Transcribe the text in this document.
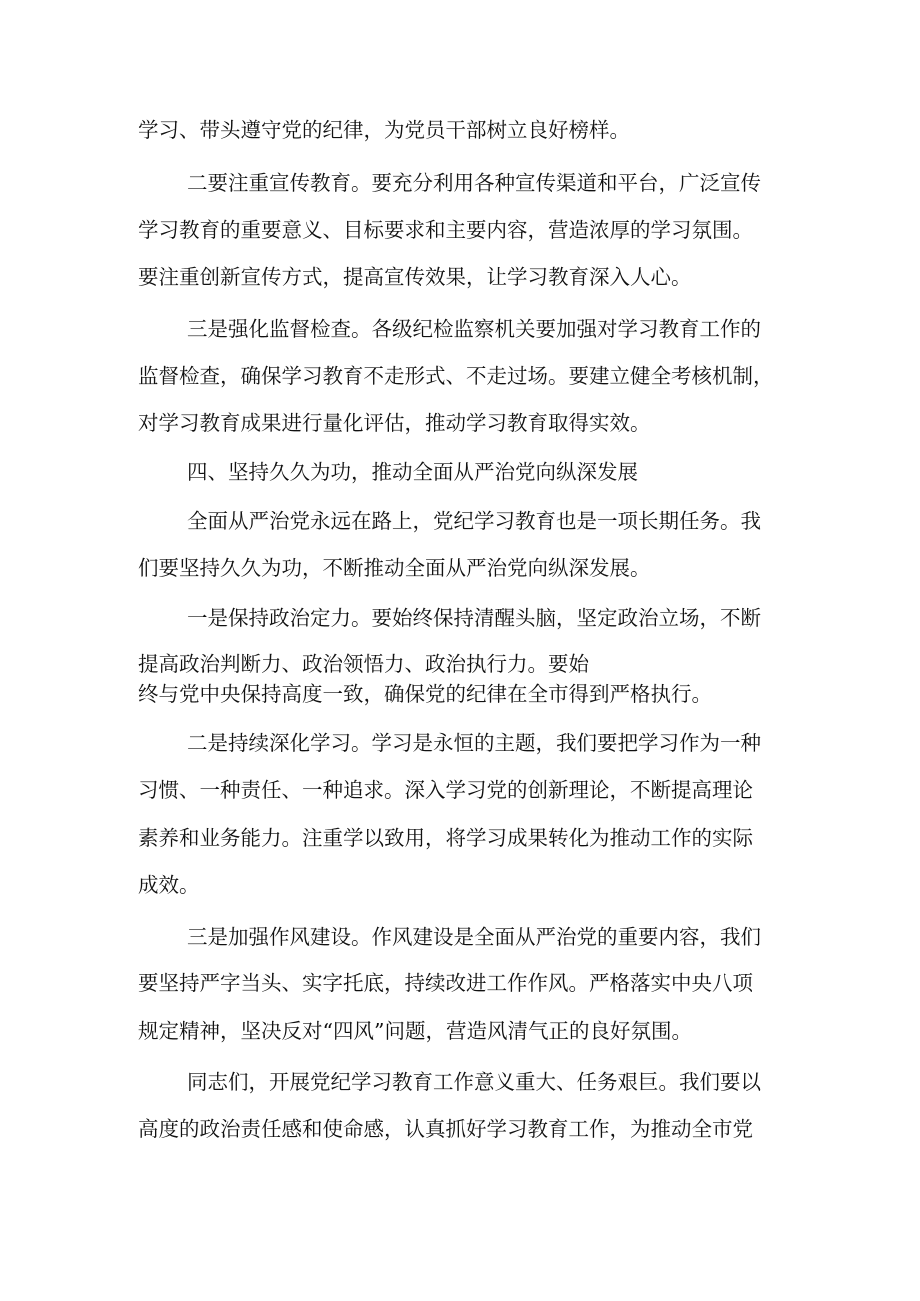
学习、带头遵守党的纪律，为党员干部树立良好榜样。

二要注重宣传教育。要充分利用各种宣传渠道和平台，广泛宣传

学习教育的重要意义、目标要求和主要内容，营造浓厚的学习氛围。

要注重创新宣传方式，提高宣传效果，让学习教育深入人心。

三是强化监督检查。各级纪检监察机关要加强对学习教育工作的

监督检查，确保学习教育不走形式、不走过场。要建立健全考核机制，

对学习教育成果进行量化评估，推动学习教育取得实效。

四、坚持久久为功，推动全面从严治党向纵深发展

全面从严治党永远在路上，党纪学习教育也是一项长期任务。我

们要坚持久久为功，不断推动全面从严治党向纵深发展。

一是保持政治定力。要始终保持清醒头脑，坚定政治立场，不断

提高政治判断力、政治领悟力、政治执行力。要始

终与党中央保持高度一致，确保党的纪律在全市得到严格执行。

二是持续深化学习。学习是永恒的主题，我们要把学习作为一种

习惯、一种责任、一种追求。深入学习党的创新理论，不断提高理论

素养和业务能力。注重学以致用，将学习成果转化为推动工作的实际

成效。

三是加强作风建设。作风建设是全面从严治党的重要内容，我们

要坚持严字当头、实字托底，持续改进工作作风。严格落实中央八项

规定精神，坚决反对“四风”问题，营造风清气正的良好氛围。

同志们，开展党纪学习教育工作意义重大、任务艰巨。我们要以

高度的政治责任感和使命感，认真抓好学习教育工作，为推动全市党
